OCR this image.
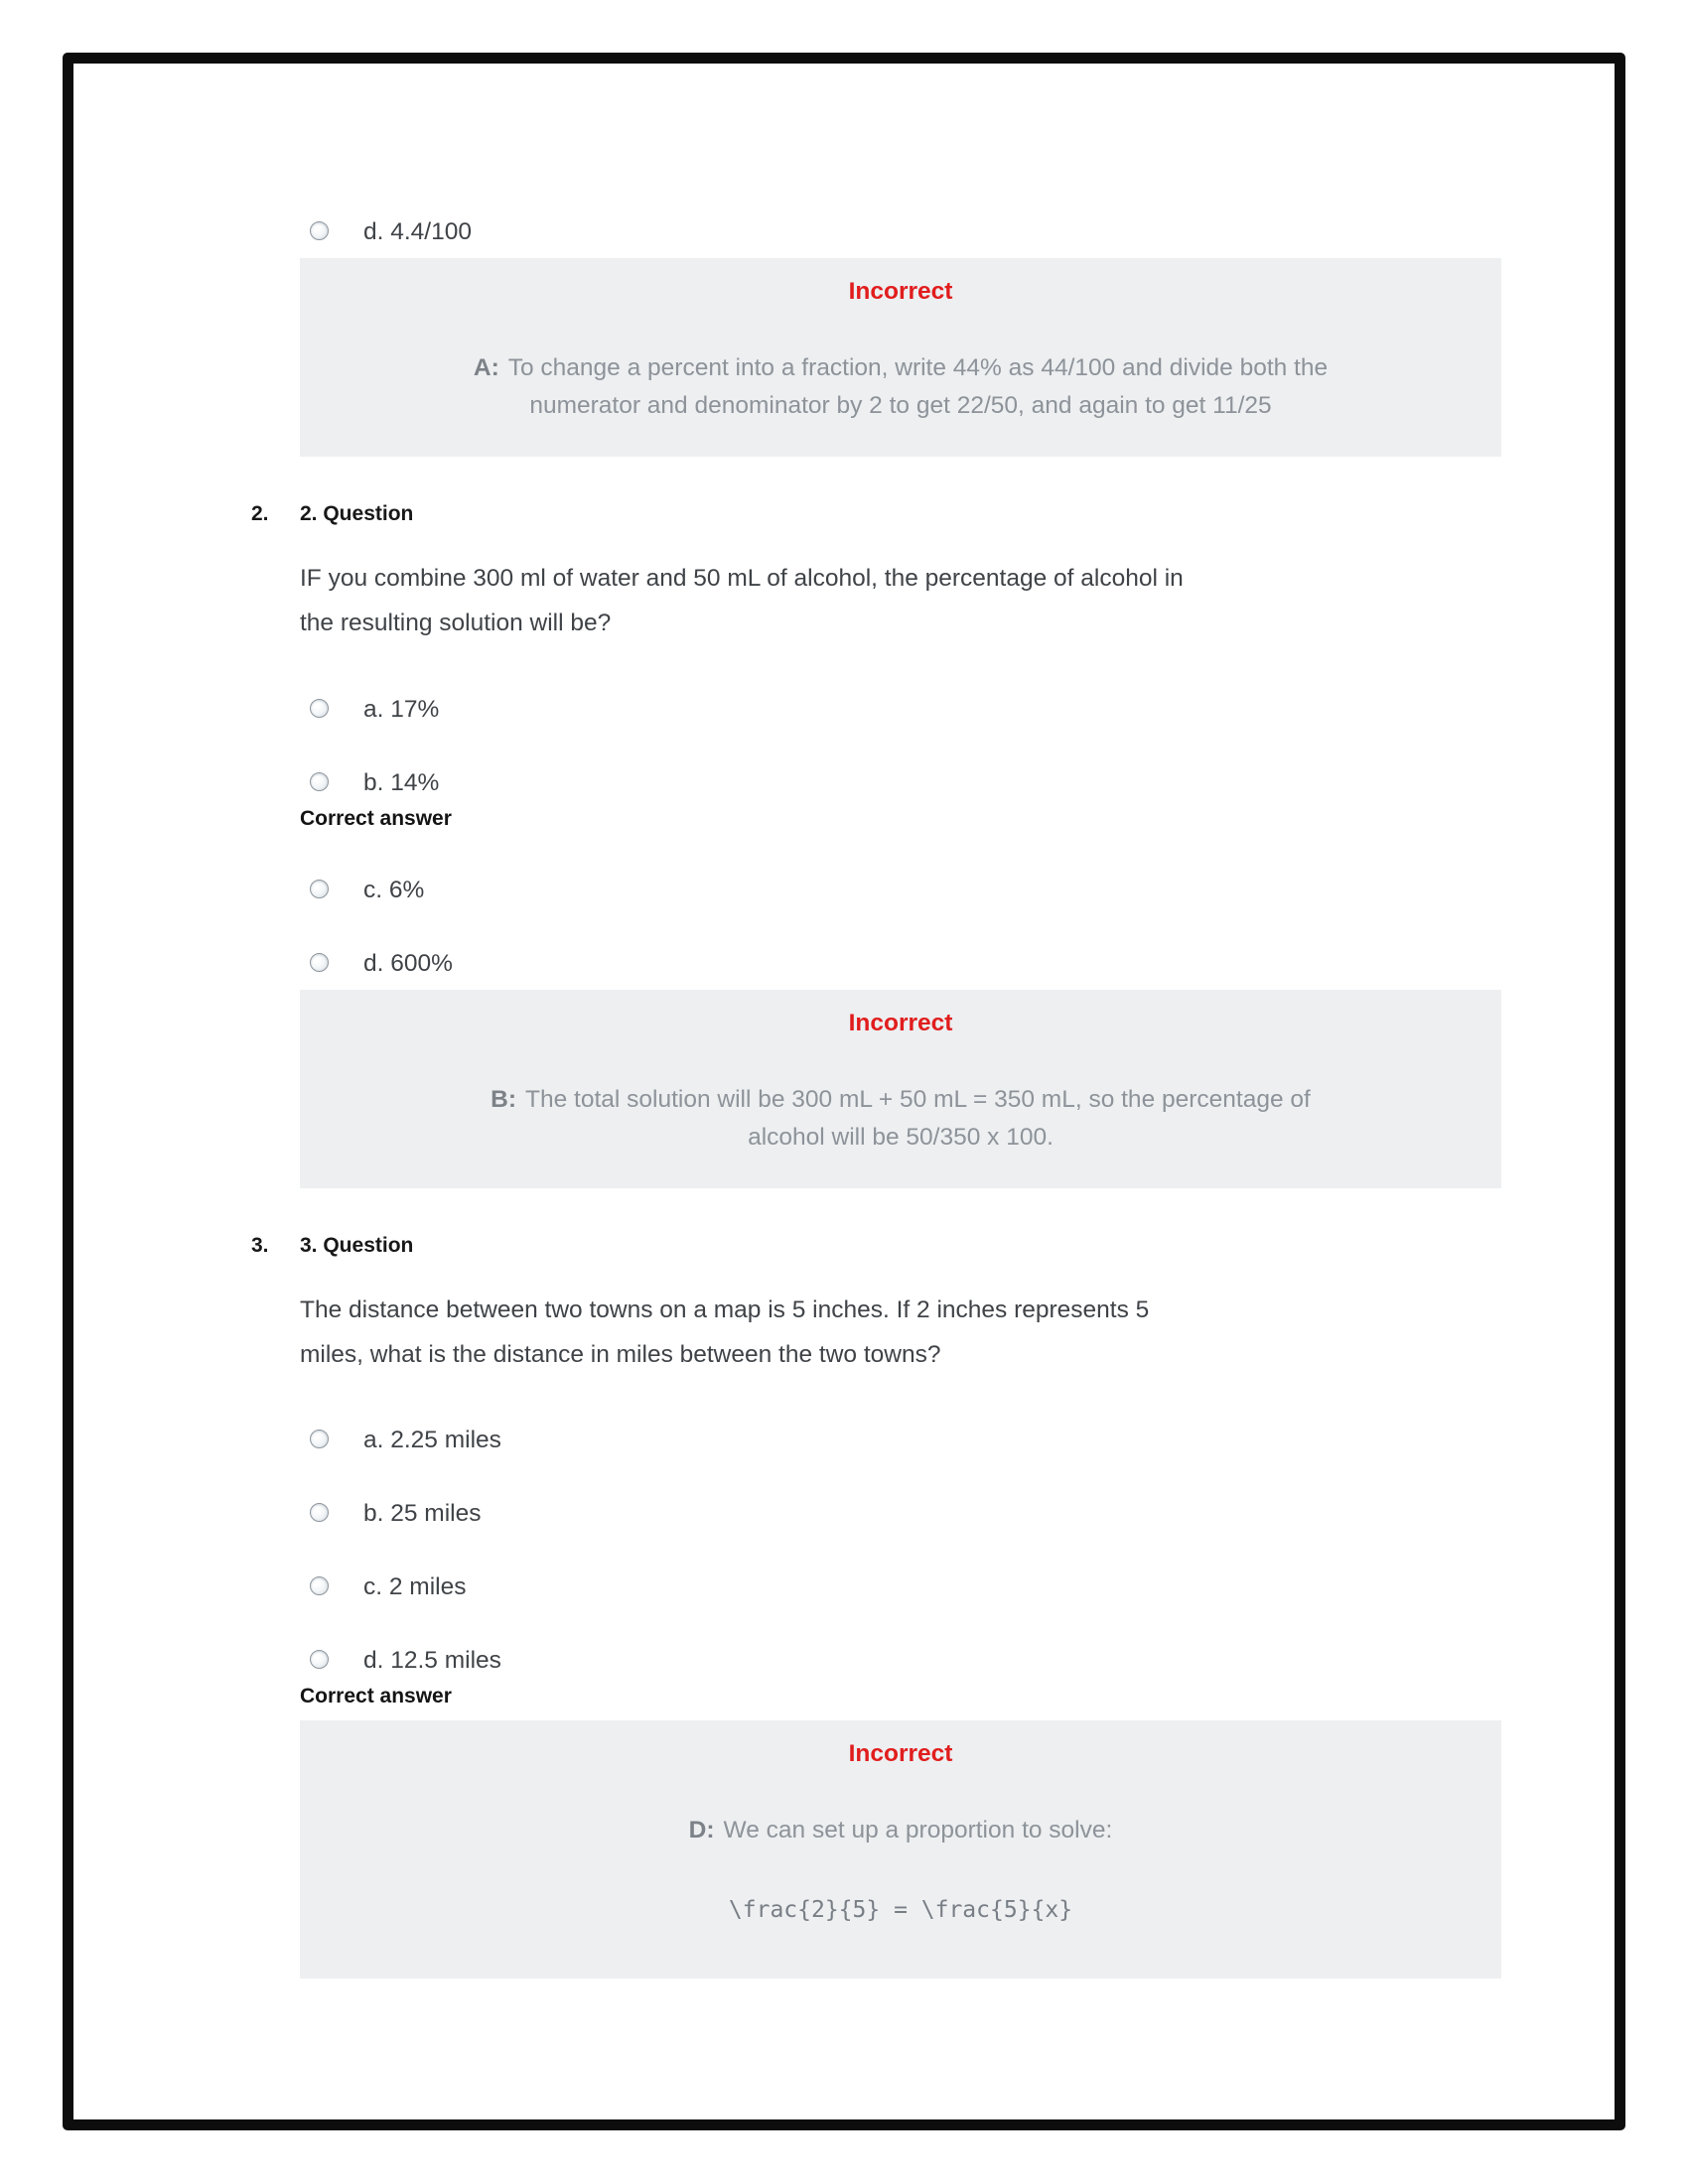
d. 4.4/100
Incorrect

A: To change a percent into a fraction, write 44% as 44/100 and divide both the numerator and denominator by 2 to get 22/50, and again to get 11/25

2.	2. Question

IF you combine 300 ml of water and 50 mL of alcohol, the percentage of alcohol in the resulting solution will be?

a. 17%
b. 14%
Correct answer
c. 6%
d. 600%
Incorrect

B: The total solution will be 300 mL + 50 mL = 350 mL, so the percentage of alcohol will be 50/350 x 100.

3.	3. Question

The distance between two towns on a map is 5 inches. If 2 inches represents 5 miles, what is the distance in miles between the two towns?

a. 2.25 miles
b. 25 miles
c. 2 miles
d. 12.5 miles
Correct answer
Incorrect

D: We can set up a proportion to solve:

\frac{2}{5} = \frac{5}{x}
